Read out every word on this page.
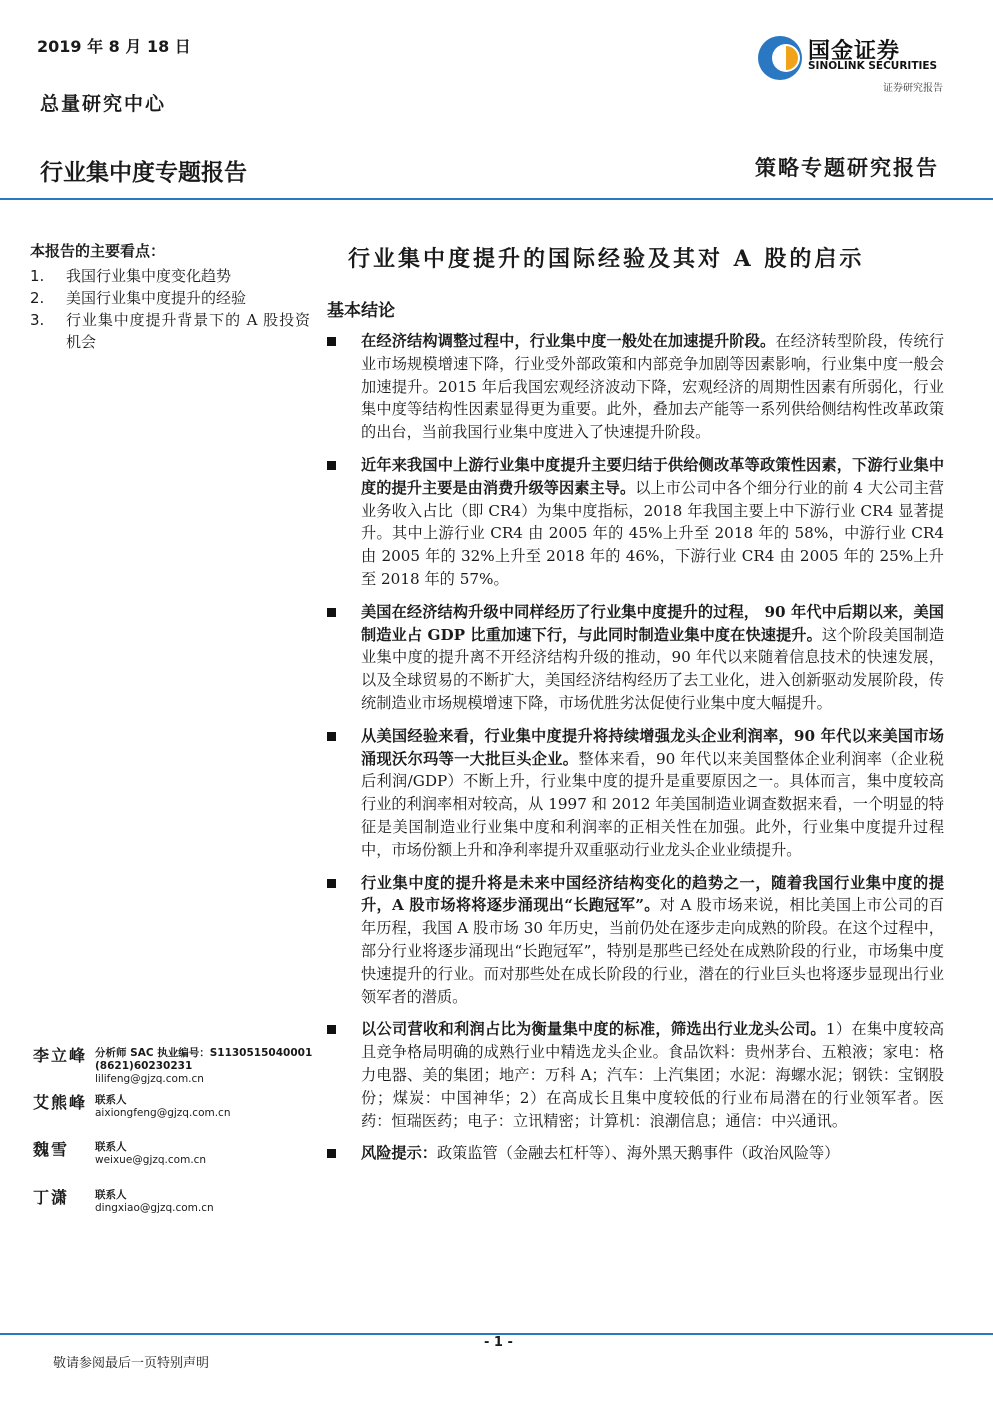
2019 年 8 月 18 日
总量研究中心
国金证券
SINOLINK SECURITIES
证券研究报告
行业集中度专题报告	策略专题研究报告
本报告的主要看点：
1.	我国行业集中度变化趋势
2.	美国行业集中度提升的经验
3.	行业集中度提升背景下的 A 股投资机会
行业集中度提升的国际经验及其对 A 股的启示
基本结论
在经济结构调整过程中，行业集中度一般处在加速提升阶段。在经济转型阶段，传统行业市场规模增速下降，行业受外部政策和内部竞争加剧等因素影响，行业集中度一般会加速提升。2015 年后我国宏观经济波动下降，宏观经济的周期性因素有所弱化，行业集中度等结构性因素显得更为重要。此外，叠加去产能等一系列供给侧结构性改革政策的出台，当前我国行业集中度进入了快速提升阶段。
近年来我国中上游行业集中度提升主要归结于供给侧改革等政策性因素，下游行业集中度的提升主要是由消费升级等因素主导。以上市公司中各个细分行业的前 4 大公司主营业务收入占比（即 CR4）为集中度指标，2018 年我国主要上中下游行业 CR4 显著提升。其中上游行业 CR4 由 2005 年的 45%上升至 2018 年的 58%，中游行业 CR4 由 2005 年的 32%上升至 2018 年的 46%，下游行业 CR4 由 2005 年的 25%上升至 2018 年的 57%。
美国在经济结构升级中同样经历了行业集中度提升的过程， 90 年代中后期以来，美国制造业占 GDP 比重加速下行，与此同时制造业集中度在快速提升。这个阶段美国制造业集中度的提升离不开经济结构升级的推动，90 年代以来随着信息技术的快速发展，以及全球贸易的不断扩大，美国经济结构经历了去工业化，进入创新驱动发展阶段，传统制造业市场规模增速下降，市场优胜劣汰促使行业集中度大幅提升。
从美国经验来看，行业集中度提升将持续增强龙头企业利润率，90 年代以来美国市场涌现沃尔玛等一大批巨头企业。整体来看，90 年代以来美国整体企业利润率（企业税后利润/GDP）不断上升，行业集中度的提升是重要原因之一。具体而言，集中度较高行业的利润率相对较高，从 1997 和 2012 年美国制造业调查数据来看，一个明显的特征是美国制造业行业集中度和利润率的正相关性在加强。此外，行业集中度提升过程中，市场份额上升和净利率提升双重驱动行业龙头企业业绩提升。
行业集中度的提升将是未来中国经济结构变化的趋势之一，随着我国行业集中度的提升，A 股市场将将逐步涌现出“长跑冠军”。对 A 股市场来说，相比美国上市公司的百年历程，我国 A 股市场 30 年历史，当前仍处在逐步走向成熟的阶段。在这个过程中，部分行业将逐步涌现出“长跑冠军”，特别是那些已经处在成熟阶段的行业，市场集中度快速提升的行业。而对那些处在成长阶段的行业，潜在的行业巨头也将逐步显现出行业领军者的潜质。
以公司营收和利润占比为衡量集中度的标准，筛选出行业龙头公司。1）在集中度较高且竞争格局明确的成熟行业中精选龙头企业。食品饮料：贵州茅台、五粮液；家电：格力电器、美的集团；地产：万科 A；汽车：上汽集团；水泥：海螺水泥；钢铁：宝钢股份；煤炭：中国神华；2）在高成长且集中度较低的行业布局潜在的行业领军者。医药：恒瑞医药；电子：立讯精密；计算机：浪潮信息；通信：中兴通讯。
风险提示：政策监管（金融去杠杆等）、海外黑天鹅事件（政治风险等）
李立峰 分析师 SAC 执业编号：S1130515040001
(8621)60230231
lilifeng@gjzq.com.cn
艾熊峰 联系人
aixiongfeng@gjzq.com.cn
魏雪 联系人
weixue@gjzq.com.cn
丁潇 联系人
dingxiao@gjzq.com.cn
- 1 -
敬请参阅最后一页特别声明
